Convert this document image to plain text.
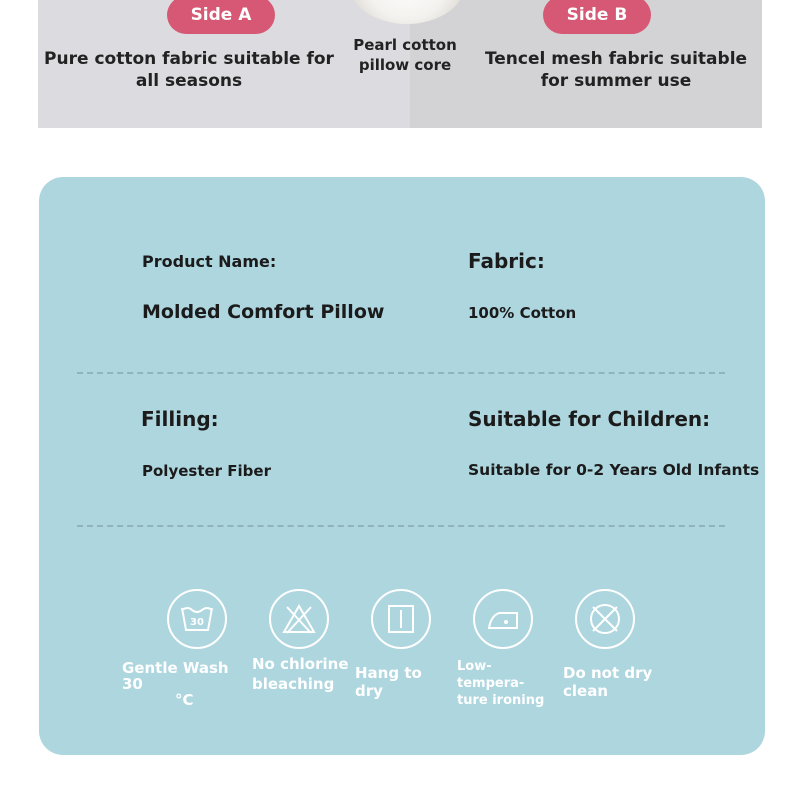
Side A	Side B
Pure cotton fabric suitable for all seasons
Tencel mesh fabric suitable for summer use
Pearl cotton
pillow core
Product Name:
Molded Comfort Pillow
Fabric:
100% Cotton
Filling:
Polyester Fiber
Suitable for Children:
Suitable for 0-2 Years Old Infants
30
Gentle Wash 30
°C
No chlorine
bleaching
Hang to dry
Low-tempera-
ture ironing
Do not dry clean
